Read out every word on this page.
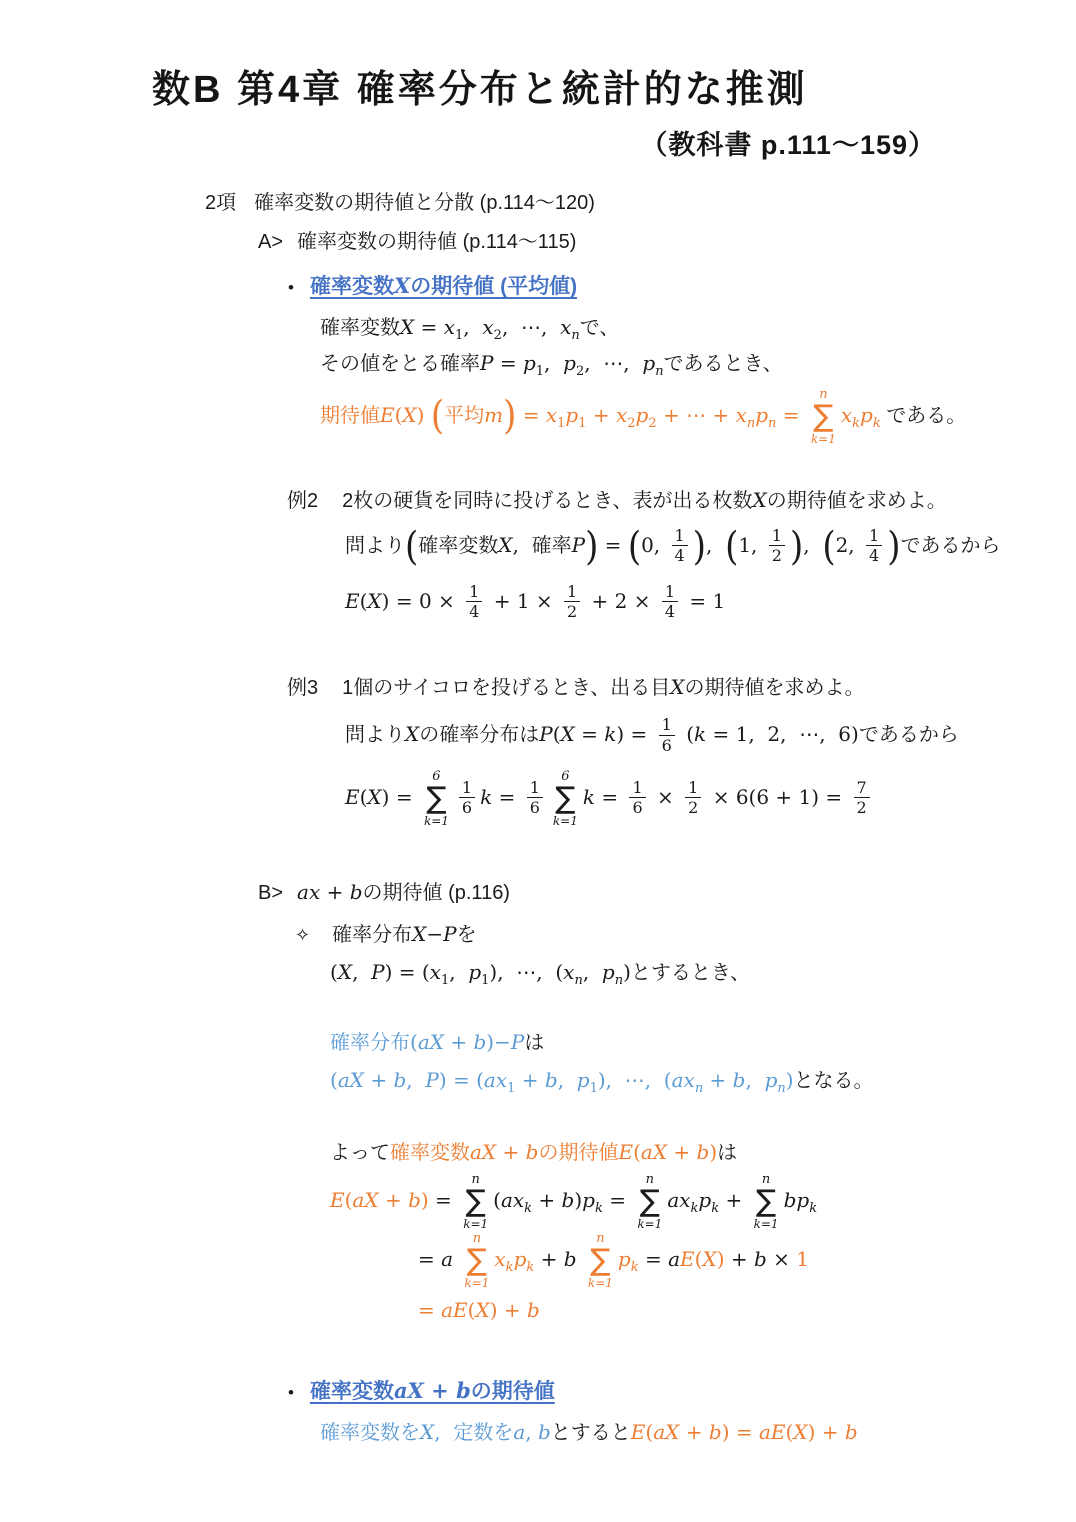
数B 第4章 確率分布と統計的な推測
（教科書 p.111～159）
2項 確率変数の期待値と分散 (p.114～120)
A> 確率変数の期待値 (p.114～115)
• 確率変数Xの期待値 (平均値)
確率変数$X = x_1$,  $x_2$,  ⋯,  $x_n$で、
その値をとる確率$P = p_1$,  $p_2$,  ⋯,  $p_n$であるとき、
期待値E(X) (平均$m) = x_1p_1 + x_2p_2$ + ⋯ + $x_np_n$ =
n
∑
k=1
$x_kp_k$ である。
例2 2枚の硬貨を同時に投げるとき、表が出る枚数Xの期待値を求めよ。
問より(確率変数X,  確率P) = (0, $\frac{1}{4}$ ),  (1, $\frac{1}{2}$ ),  (2, $\frac{1}{4}$ )であるから
$E(X) = 0 \times \frac{1}{4} + 1 \times \frac{1}{2} + 2 \times \frac{1}{4} = 1$
例3 1個のサイコロを投げるとき、出る目Xの期待値を求めよ。
問よりXの確率分布は$P(X = k) = \frac{1}{6} (k = 1$,  2,  ⋯,  6)であるから
E(X) =
6
∑
k=1
$\frac{1}{6}$ $k = \frac{1}{6}$
6
∑
k=1
$k = \frac{1}{6} \times \frac{1}{2} \times 6(6 + 1) = \frac{7}{2}$
B> ax + bの期待値 (p.116)
✧ 確率分布X−Pを
(X,  $P) = (x_1$,  $p_1$),  ⋯,  ($x_n$,  $p_n$)とするとき、
確率分布(aX + b)−Pは
(aX + b,  $P) = (ax_1 + b$,  $p_1$),  ⋯,  ($ax_n + b$,  $p_n$)となる。
よって確率変数aX + bの期待値E(aX + b)は
E(aX + b) =
n
∑
k=1
$(ax_k + b)p_k$ =
n
∑
k=1
$ax_kp_k$ +
n
∑
k=1
$bp_k$
= a
n
∑
k=1
$x_kp_k + b$
n
∑
k=1
$p_k = aE(X) + b \times 1$
= aE(X) + b
• 確率変数aX + bの期待値
確率変数をX,  定数をa, bとするとE(aX + b) = aE(X) + b
